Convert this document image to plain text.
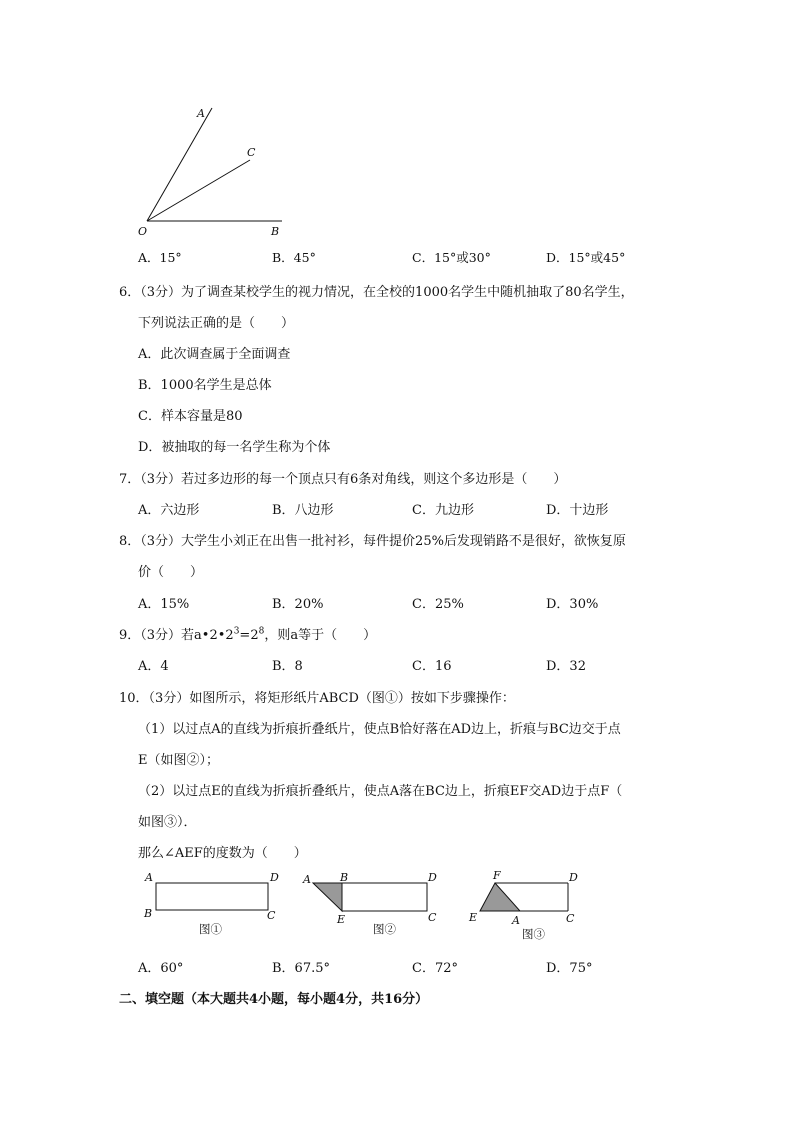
A
C
O	B
A．15°	B．45°	C．15°或30°	D．15°或45°
6．（3分）为了调查某校学生的视力情况，在全校的1000名学生中随机抽取了80名学生，
下列说法正确的是（　　）
A．此次调查属于全面调查
B．1000名学生是总体
C．样本容量是80
D．被抽取的每一名学生称为个体
7．（3分）若过多边形的每一个顶点只有6条对角线，则这个多边形是（　　）
A．六边形	B．八边形	C．九边形	D．十边形
8．（3分）大学生小刘正在出售一批衬衫，每件提价25%后发现销路不是很好，欲恢复原
价（　　）
A．15%	B．20%	C．25%	D．30%
9．（3分）若$a•2•2^3=2^8$，则a等于（　　）
A．4	B．8	C．16	D．32
10．（3分）如图所示，将矩形纸片ABCD（图①）按如下步骤操作：
（1）以过点A的直线为折痕折叠纸片，使点B恰好落在AD边上，折痕与BC边交于点
E（如图②）；
（2）以过点E的直线为折痕折叠纸片，使点A落在BC边上，折痕EF交AD边于点F（
如图③）．
那么∠AEF的度数为（　　）
A	D
B	C
图①
A	B	D
E	C
图②
F	D
E	A	C
图③
A．60°	B．67.5°	C．72°	D．75°
二、填空题（本大题共4小题，每小题4分，共16分）
